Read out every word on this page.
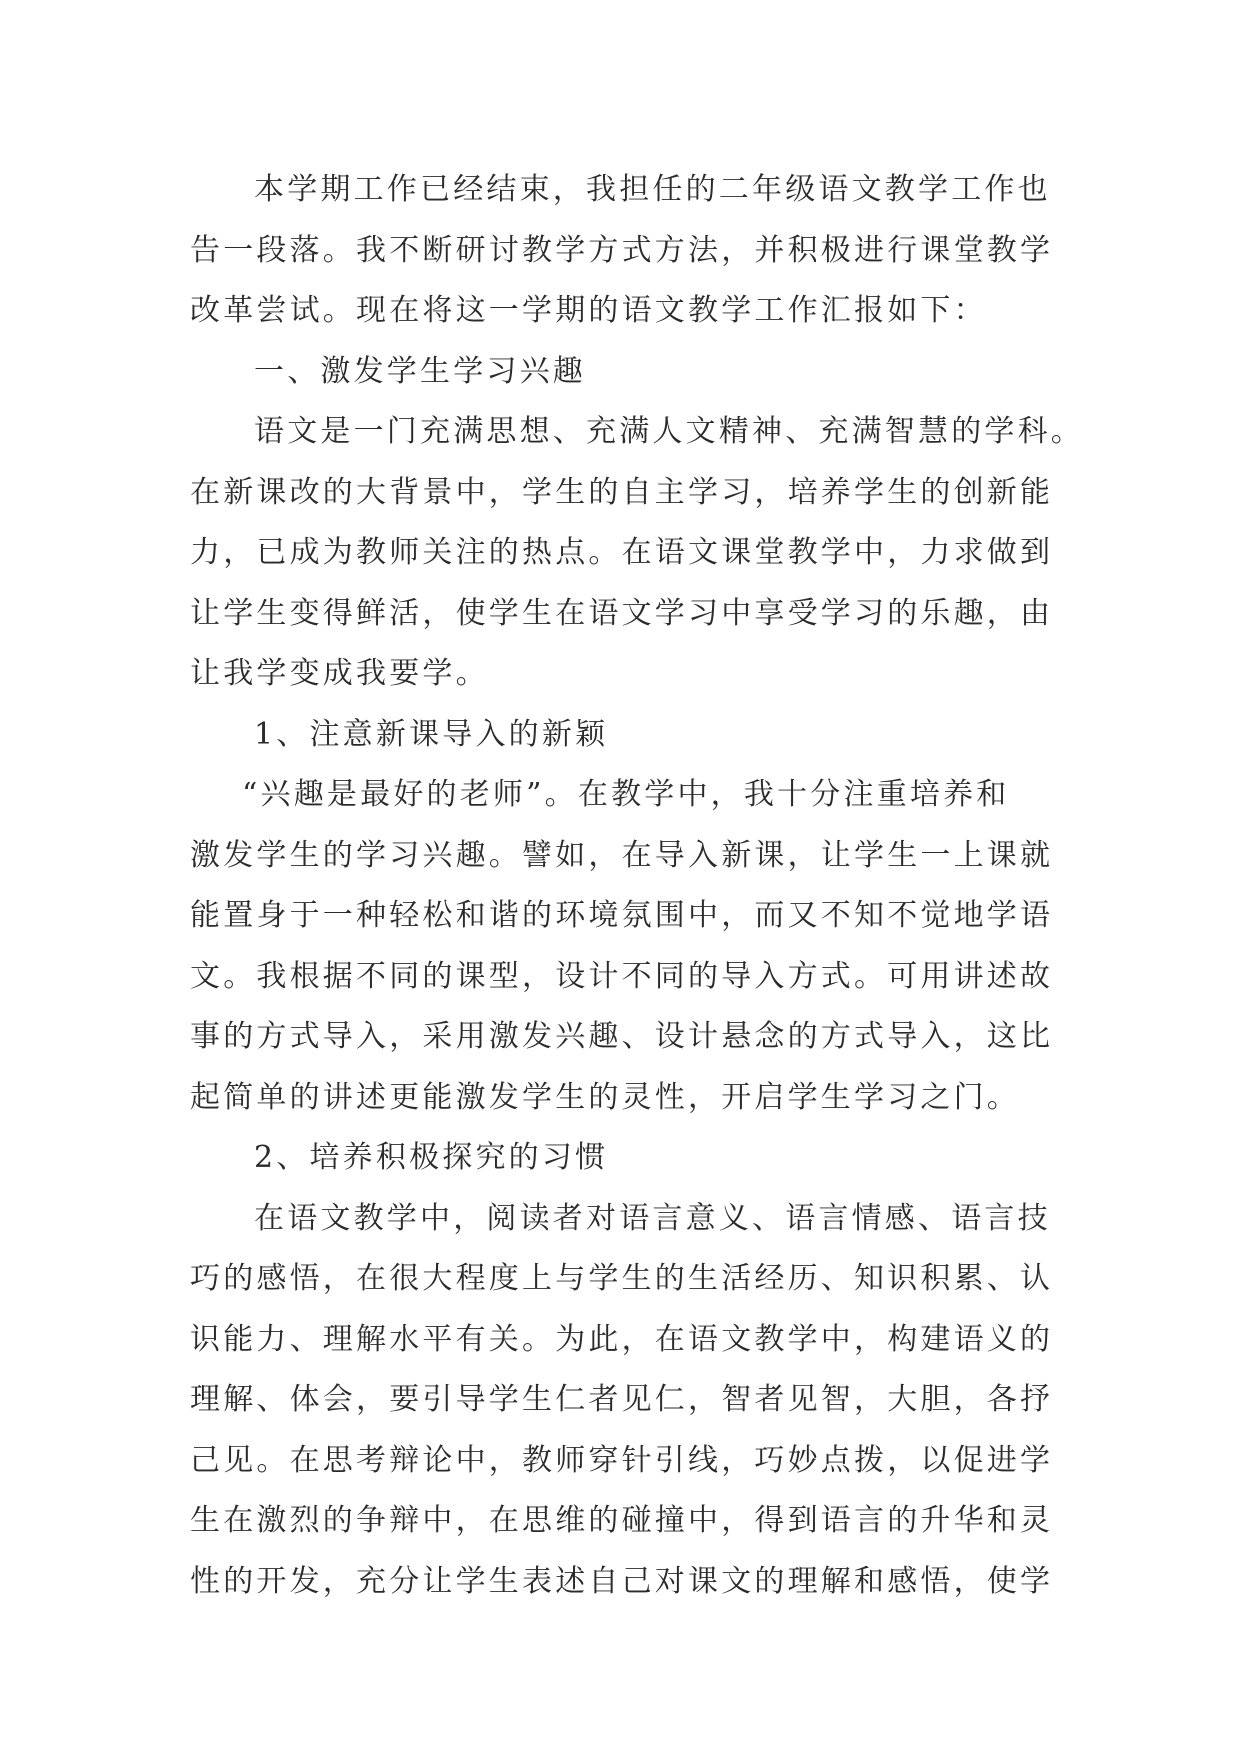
本学期工作已经结束，我担任的二年级语文教学工作也
告一段落。我不断研讨教学方式方法，并积极进行课堂教学
改革尝试。现在将这一学期的语文教学工作汇报如下：
一、激发学生学习兴趣
语文是一门充满思想、充满人文精神、充满智慧的学科。
在新课改的大背景中，学生的自主学习，培养学生的创新能
力，已成为教师关注的热点。在语文课堂教学中，力求做到
让学生变得鲜活，使学生在语文学习中享受学习的乐趣，由
让我学变成我要学。
1、注意新课导入的新颖
“兴趣是最好的老师”。在教学中，我十分注重培养和
激发学生的学习兴趣。譬如，在导入新课，让学生一上课就
能置身于一种轻松和谐的环境氛围中，而又不知不觉地学语
文。我根据不同的课型，设计不同的导入方式。可用讲述故
事的方式导入，采用激发兴趣、设计悬念的方式导入，这比
起简单的讲述更能激发学生的灵性，开启学生学习之门。
2、培养积极探究的习惯
在语文教学中，阅读者对语言意义、语言情感、语言技
巧的感悟，在很大程度上与学生的生活经历、知识积累、认
识能力、理解水平有关。为此，在语文教学中，构建语义的
理解、体会，要引导学生仁者见仁，智者见智，大胆，各抒
己见。在思考辩论中，教师穿针引线，巧妙点拨，以促进学
生在激烈的争辩中，在思维的碰撞中，得到语言的升华和灵
性的开发，充分让学生表述自己对课文的理解和感悟，使学
